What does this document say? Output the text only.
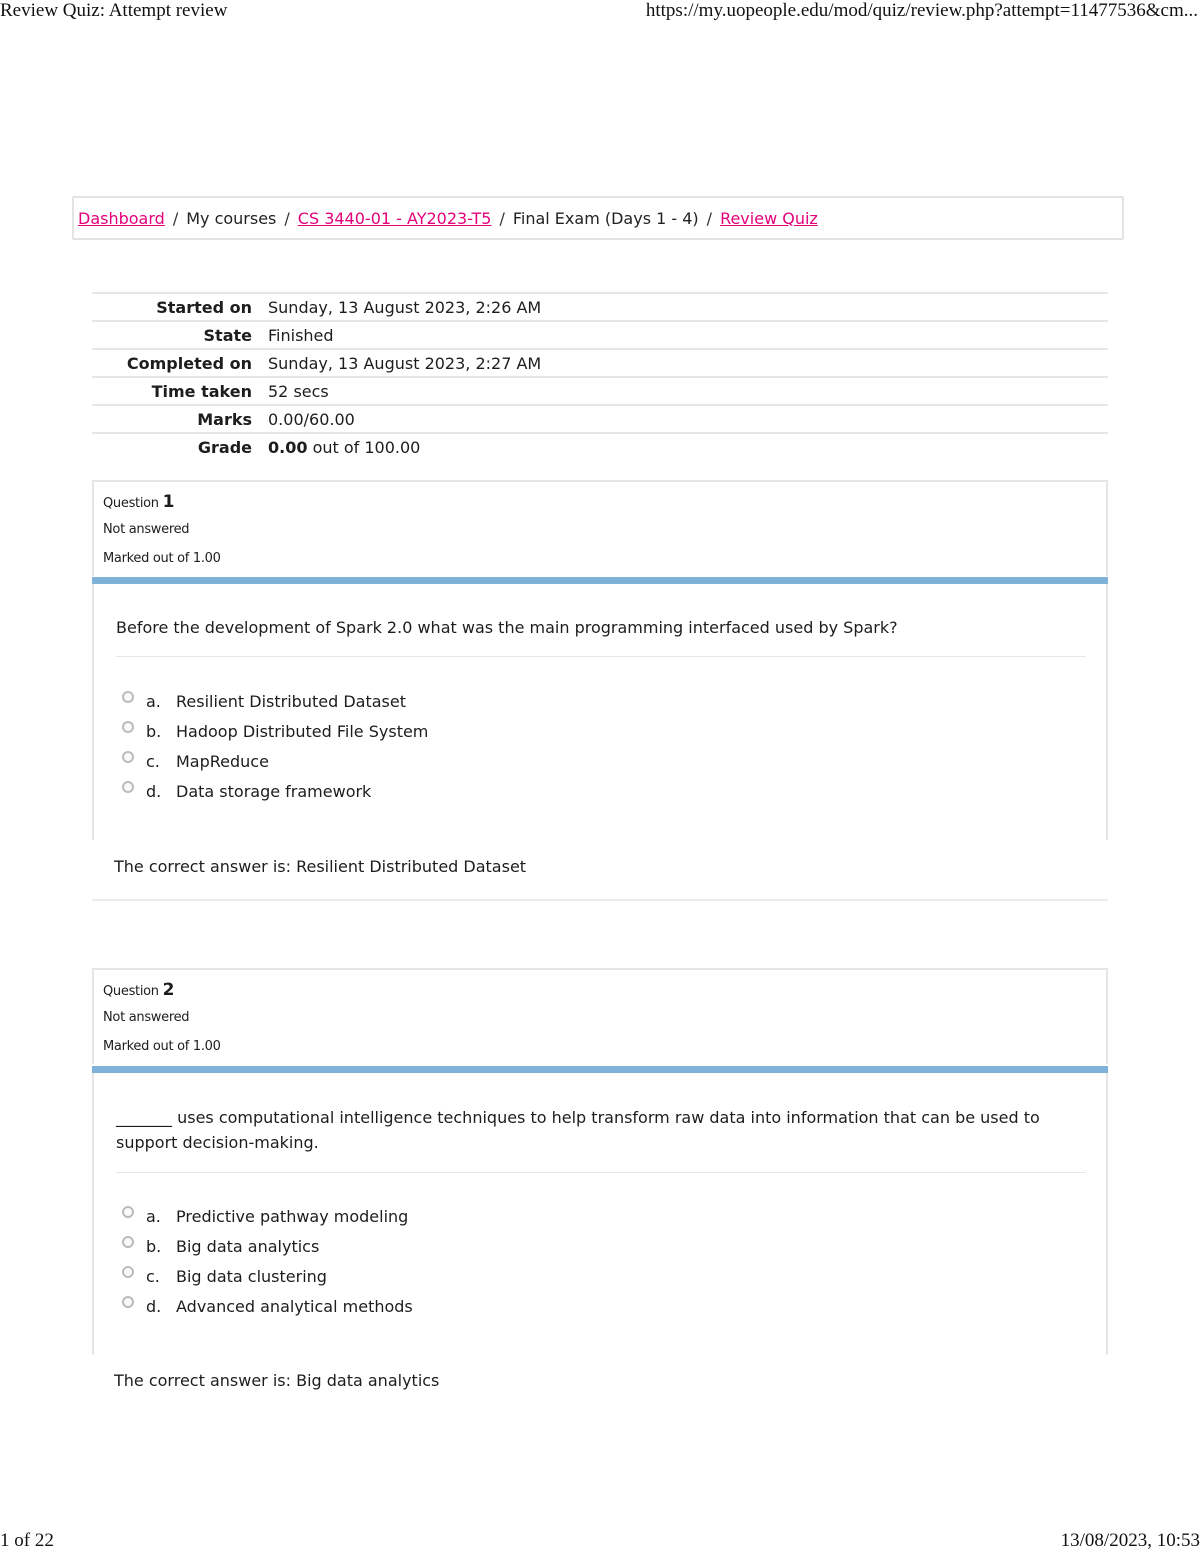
Review Quiz: Attempt review	https://my.uopeople.edu/mod/quiz/review.php?attempt=11477536&cm...
Dashboard / My courses / CS 3440-01 - AY2023-T5 / Final Exam (Days 1 - 4) / Review Quiz
Started on	Sunday, 13 August 2023, 2:26 AM
State	Finished
Completed on	Sunday, 13 August 2023, 2:27 AM
Time taken	52 secs
Marks	0.00/60.00
Grade	0.00 out of 100.00
Question 1
Not answered
Marked out of 1.00
Before the development of Spark 2.0 what was the main programming interfaced used by Spark?
a. Resilient Distributed Dataset
b. Hadoop Distributed File System
c.	MapReduce
d. Data storage framework
The correct answer is: Resilient Distributed Dataset
Question 2
Not answered
Marked out of 1.00
_______ uses computational intelligence techniques to help transform raw data into information that can be used to support decision-making.
a. Predictive pathway modeling
b. Big data analytics
c.	Big data clustering
d. Advanced analytical methods
The correct answer is: Big data analytics
1 of 22	13/08/2023, 10:53
